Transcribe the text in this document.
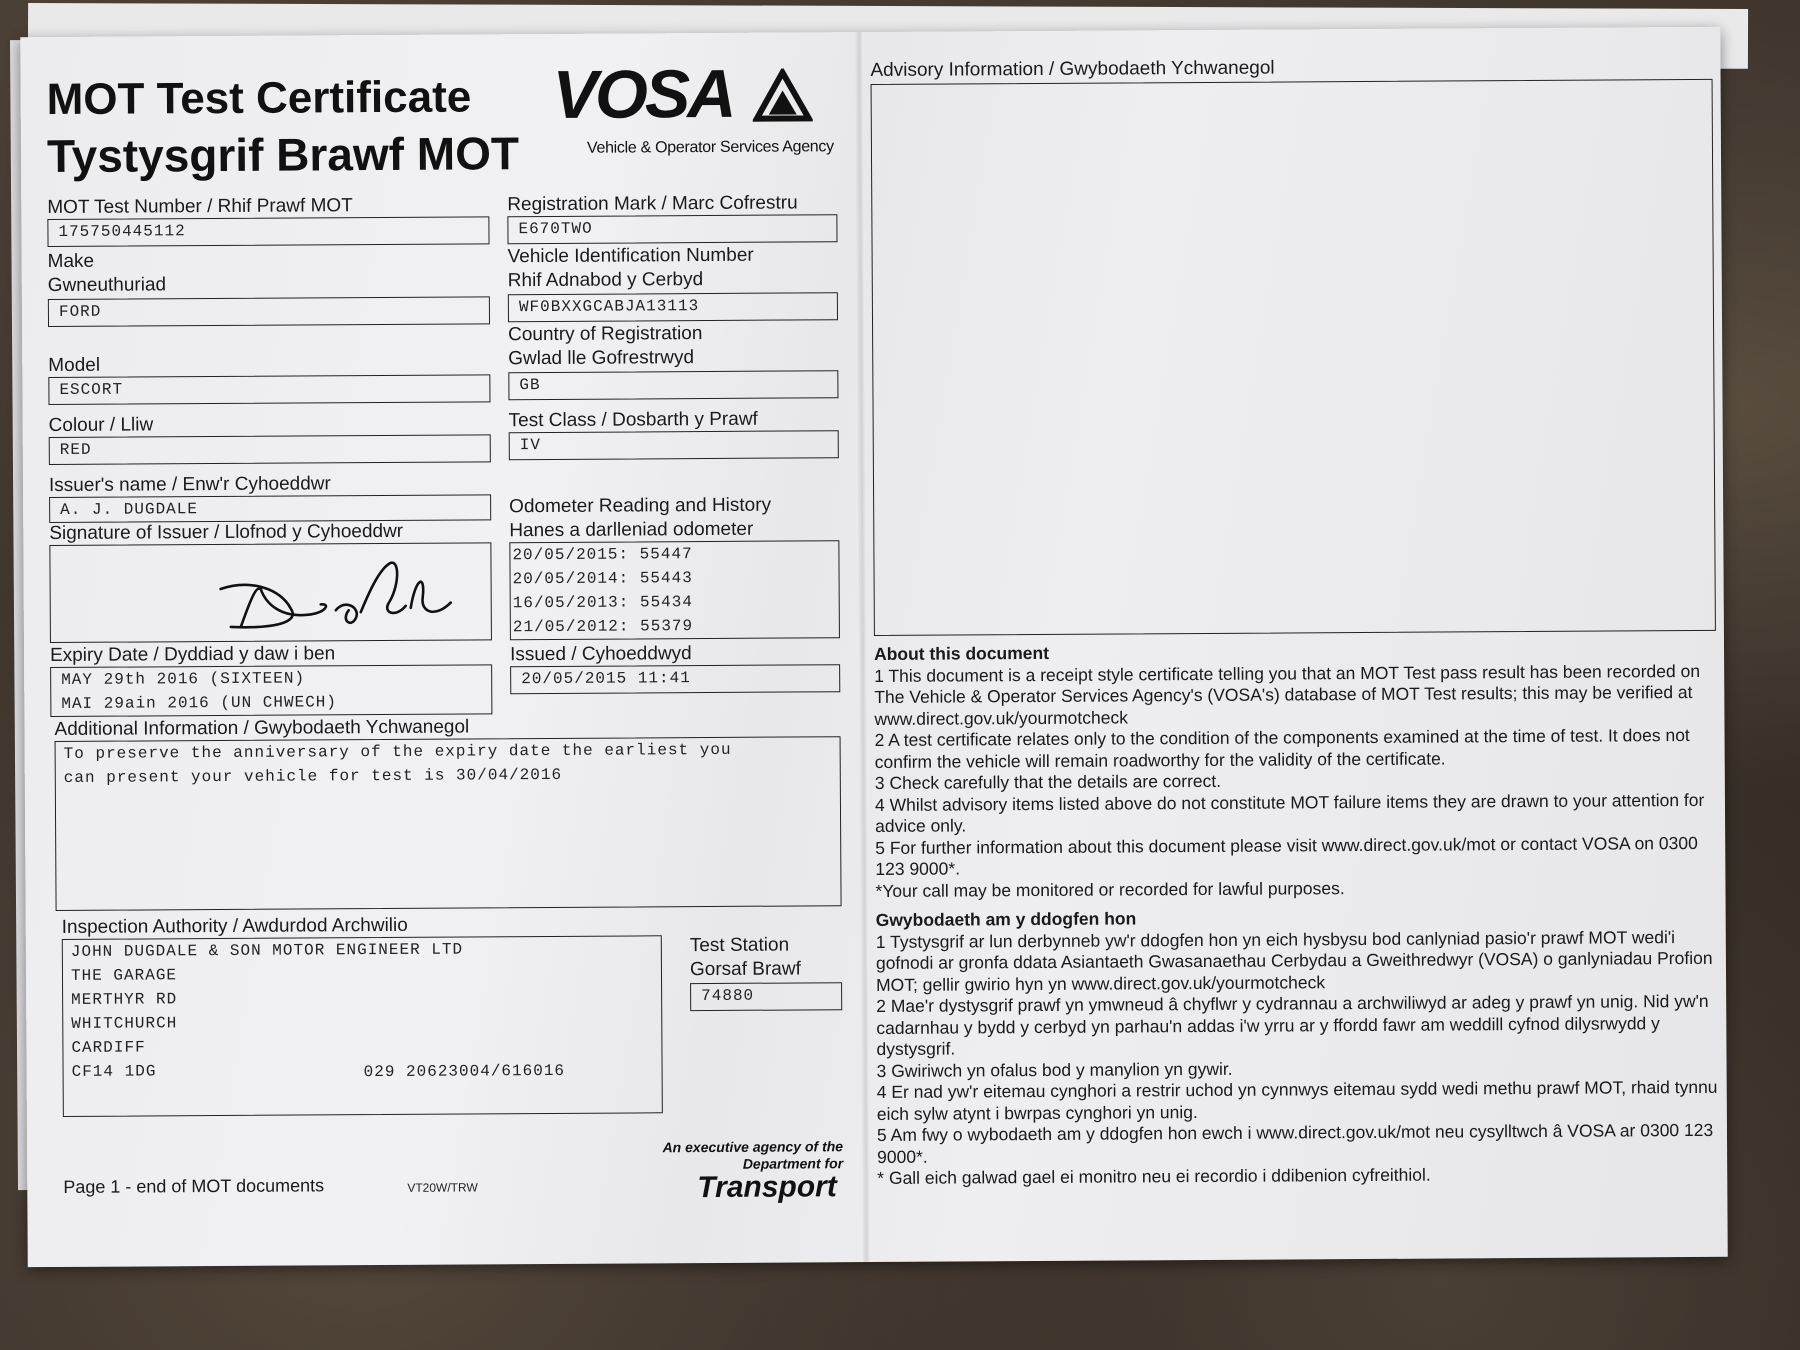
MOT Test Certificate
Tystysgrif Brawf MOT
VOSA
Vehicle & Operator Services Agency
MOT Test Number / Rhif Prawf MOT
175750445112
Registration Mark / Marc Cofrestru
E670TWO
Make
Gwneuthuriad
FORD
Vehicle Identification Number
Rhif Adnabod y Cerbyd
WF0BXXGCABJA13113
Model
ESCORT
Country of Registration
Gwlad lle Gofrestrwyd
GB
Colour / Lliw
RED
Test Class / Dosbarth y Prawf
IV
Issuer's name / Enw'r Cyhoeddwr
A. J. DUGDALE
Signature of Issuer / Llofnod y Cyhoeddwr
Odometer Reading and History
Hanes a darlleniad odometer
20/05/2015: 55447
20/05/2014: 55443
16/05/2013: 55434
21/05/2012: 55379
Expiry Date / Dyddiad y daw i ben
MAY 29th 2016 (SIXTEEN)
MAI 29ain 2016 (UN CHWECH)
Issued / Cyhoeddwyd
20/05/2015 11:41
Additional Information / Gwybodaeth Ychwanegol
To preserve the anniversary of the expiry date the earliest you
can present your vehicle for test is 30/04/2016
Inspection Authority / Awdurdod Archwilio
JOHN DUGDALE & SON MOTOR ENGINEER LTD
THE GARAGE
MERTHYR RD
WHITCHURCH
CARDIFF
CF14 1DG	029 20623004/616016
Test Station
Gorsaf Brawf
74880
Page 1 - end of MOT documents	VT20W/TRW
An executive agency of the
Department for
Transport
Advisory Information / Gwybodaeth Ychwanegol

About this document

1 This document is a receipt style certificate telling you that an MOT Test pass result has been recorded on The Vehicle & Operator Services Agency's (VOSA's) database of MOT Test results; this may be verified at www.direct.gov.uk/yourmotcheck

2 A test certificate relates only to the condition of the components examined at the time of test. It does not confirm the vehicle will remain roadworthy for the validity of the certificate.

3 Check carefully that the details are correct.

4 Whilst advisory items listed above do not constitute MOT failure items they are drawn to your attention for advice only.

5 For further information about this document please visit www.direct.gov.uk/mot or contact VOSA on 0300 123 9000*.

*Your call may be monitored or recorded for lawful purposes.

Gwybodaeth am y ddogfen hon

1 Tystysgrif ar lun derbynneb yw'r ddogfen hon yn eich hysbysu bod canlyniad pasio'r prawf MOT wedi'i gofnodi ar gronfa ddata Asiantaeth Gwasanaethau Cerbydau a Gweithredwyr (VOSA) o ganlyniadau Profion MOT; gellir gwirio hyn yn www.direct.gov.uk/yourmotcheck

2 Mae'r dystysgrif prawf yn ymwneud â chyflwr y cydrannau a archwiliwyd ar adeg y prawf yn unig. Nid yw'n cadarnhau y bydd y cerbyd yn parhau'n addas i'w yrru ar y ffordd fawr am weddill cyfnod dilysrwydd y dystysgrif.

3 Gwiriwch yn ofalus bod y manylion yn gywir.

4 Er nad yw'r eitemau cynghori a restrir uchod yn cynnwys eitemau sydd wedi methu prawf MOT, rhaid tynnu eich sylw atynt i bwrpas cynghori yn unig.

5 Am fwy o wybodaeth am y ddogfen hon ewch i www.direct.gov.uk/mot neu cysylltwch â VOSA ar 0300 123 9000*.

* Gall eich galwad gael ei monitro neu ei recordio i ddibenion cyfreithiol.
